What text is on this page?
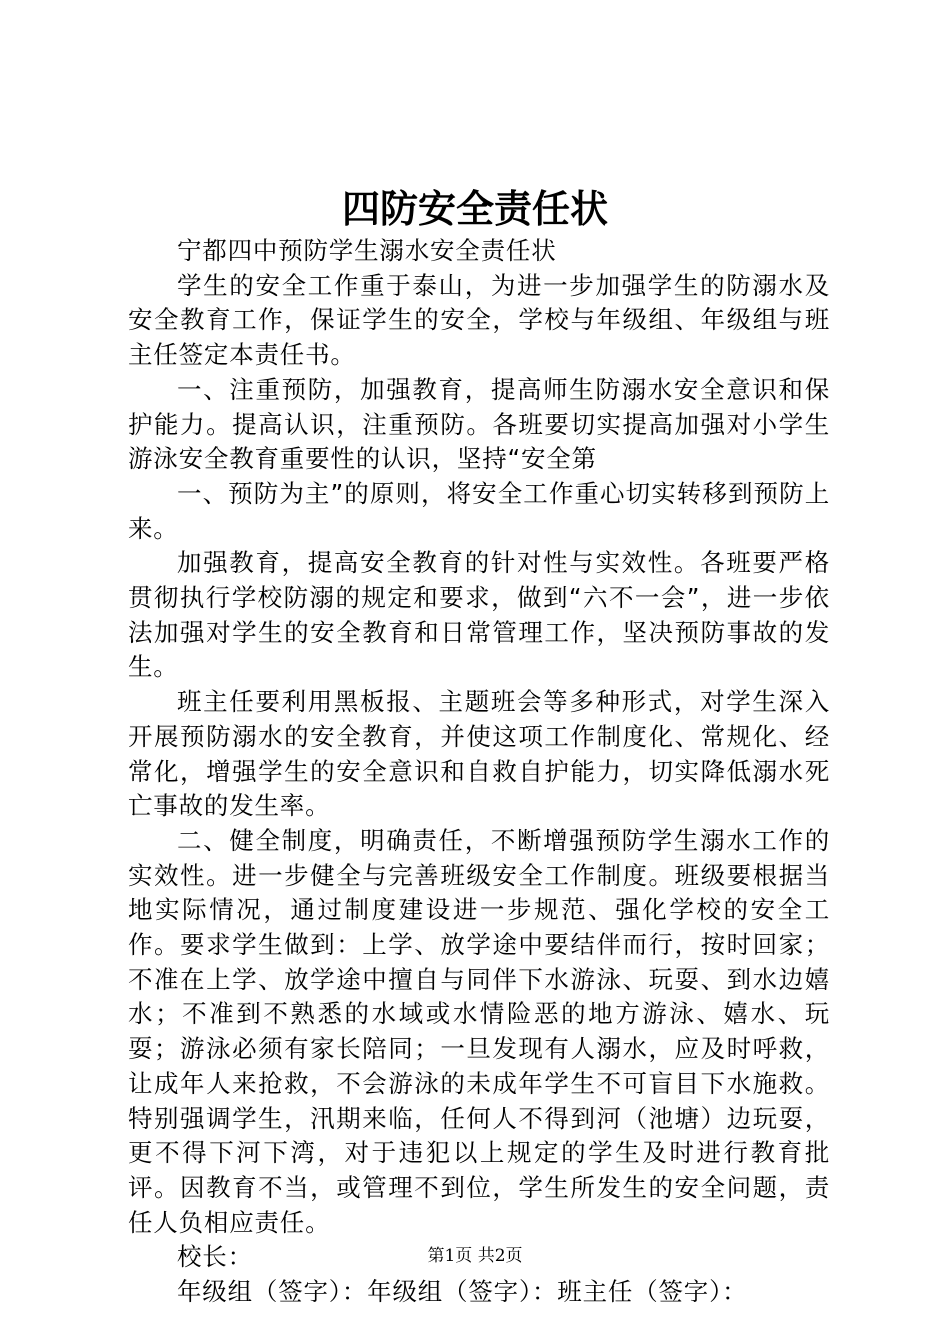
四防安全责任状

宁都四中预防学生溺水安全责任状

学生的安全工作重于泰山，为进一步加强学生的防溺水及安全教育工作，保证学生的安全，学校与年级组、年级组与班主任签定本责任书。

一、注重预防，加强教育，提高师生防溺水安全意识和保护能力。提高认识，注重预防。各班要切实提高加强对小学生游泳安全教育重要性的认识，坚持“安全第

一、预防为主”的原则，将安全工作重心切实转移到预防上来。

加强教育，提高安全教育的针对性与实效性。各班要严格贯彻执行学校防溺的规定和要求，做到“六不一会”，进一步依法加强对学生的安全教育和日常管理工作，坚决预防事故的发生。

班主任要利用黑板报、主题班会等多种形式，对学生深入开展预防溺水的安全教育，并使这项工作制度化、常规化、经常化，增强学生的安全意识和自救自护能力，切实降低溺水死亡事故的发生率。

二、健全制度，明确责任，不断增强预防学生溺水工作的实效性。进一步健全与完善班级安全工作制度。班级要根据当地实际情况，通过制度建设进一步规范、强化学校的安全工作。要求学生做到：上学、放学途中要结伴而行，按时回家；不准在上学、放学途中擅自与同伴下水游泳、玩耍、到水边嬉水；不准到不熟悉的水域或水情险恶的地方游泳、嬉水、玩耍；游泳必须有家长陪同；一旦发现有人溺水，应及时呼救，让成年人来抢救，不会游泳的未成年学生不可盲目下水施救。特别强调学生，汛期来临，任何人不得到河（池塘）边玩耍，更不得下河下湾，对于违犯以上规定的学生及时进行教育批评。因教育不当，或管理不到位，学生所发生的安全问题，责任人负相应责任。

校长：

年级组（签字）：年级组（签字）：班主任（签字）：

第1页 共2页
